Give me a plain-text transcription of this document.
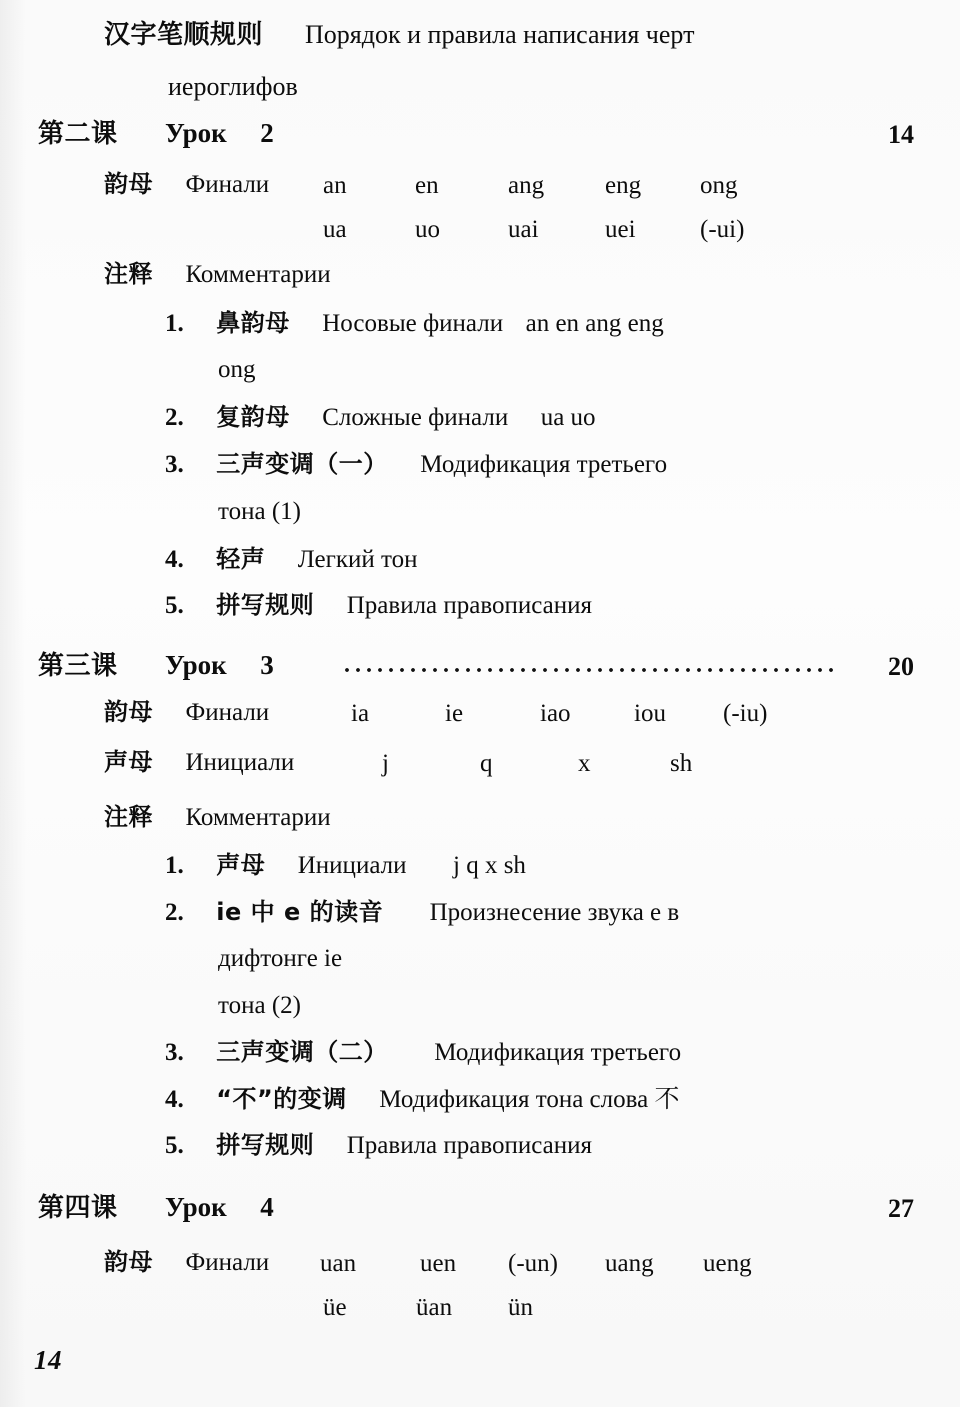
汉字笔顺规则 Порядок и правила написания черт
иероглифов
第二课 Урок 2	14
韵母 Финали an	en	ang eng ong
ua	uo	uai	uei	(-ui)
注释 Комментарии
1. 鼻韵母 Носовые финали an en ang eng
ong
2. 复韵母 Сложные финали ua uo
3. 三声变调（一） Модификация третьего
тона (1)
4. 轻声 Легкий тон
5. 拼写规则 Правила правописания
第三课 Урок 3	20
韵母 Финали	ia	ie	iao	iou (-iu)
声母 Инициали	j	q	x	sh
注释 Комментарии
1. 声母 Инициали j q x sh
2. ie 中 e 的读音 Произнесение звука е в
дифтонге ie
тона (2)
3. 三声变调（二） Модификация третьего
4. “不”的变调 Модификация тона слова 不
5. 拼写规则 Правила правописания
第四课 Урок 4	27
韵母 Финали uan	uen (-un) uang ueng
üe	üan ün
14
